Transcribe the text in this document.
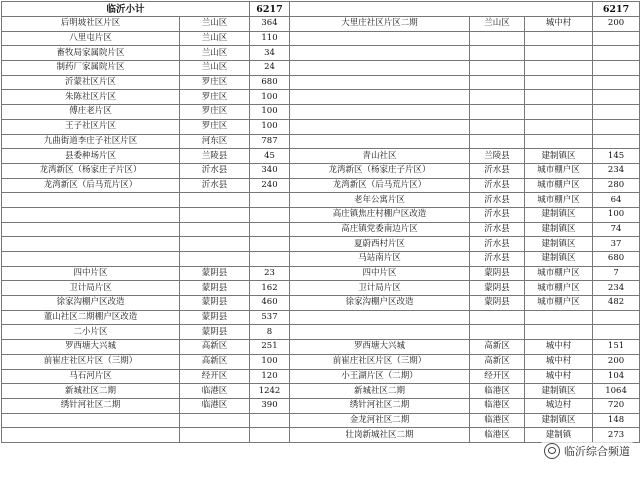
临沂小计		6217				6217
后明坡社区片区	兰山区	364	大里庄社区片区二期	兰山区	城中村	200
八里屯片区	兰山区	110				
畜牧局家属院片区	兰山区	34				
制药厂家属院片区	兰山区	24				
沂蒙社区片区	罗庄区	680				
朱陈社区片区	罗庄区	100				
傅庄老片区	罗庄区	100				
王子社区片区	罗庄区	100				
九曲街道李庄子社区片区	河东区	787				
县委种场片区	兰陵县	45	青山社区	兰陵县	建制镇区	145
龙湾新区（杨家庄子片区）	沂水县	340	龙湾新区（杨家庄子片区）	沂水县	城市棚户区	234
龙湾新区（后马荒片区）	沂水县	240	龙湾新区（后马荒片区）	沂水县	城市棚户区	280
			老年公寓片区	沂水县	城市棚户区	64
			高庄镇焦庄村棚户区改造	沂水县	建制镇区	100
			高庄镇党委南边片区	沂水县	建制镇区	74
			夏蔚西村片区	沂水县	建制镇区	37
			马站南片区	沂水县	建制镇区	680
四中片区	蒙阴县	23	四中片区	蒙阴县	城市棚户区	7
卫计局片区	蒙阴县	162	卫计局片区	蒙阴县	城市棚户区	234
徐家沟棚户区改造	蒙阴县	460	徐家沟棚户区改造	蒙阴县	城市棚户区	482
董山社区二期棚户区改造	蒙阴县	537				
二小片区	蒙阴县	8				
罗西塘大兴城	高新区	251	罗西塘大兴城	高新区	城中村	151
前崔庄社区片区（三期）	高新区	100	前崔庄社区片区（三期）	高新区	城中村	200
马石河片区	经开区	120	小王湖片区（二期）	经开区	城中村	104
新城社区二期	临港区	1242	新城社区二期	临港区	建制镇区	1064
绣针河社区二期	临港区	390	绣针河社区二期	临港区	城边村	720
			金龙河社区二期	临港区	建制镇区	148
			壮岗新城社区二期	临港区	建制镇	273
临沂综合频道
